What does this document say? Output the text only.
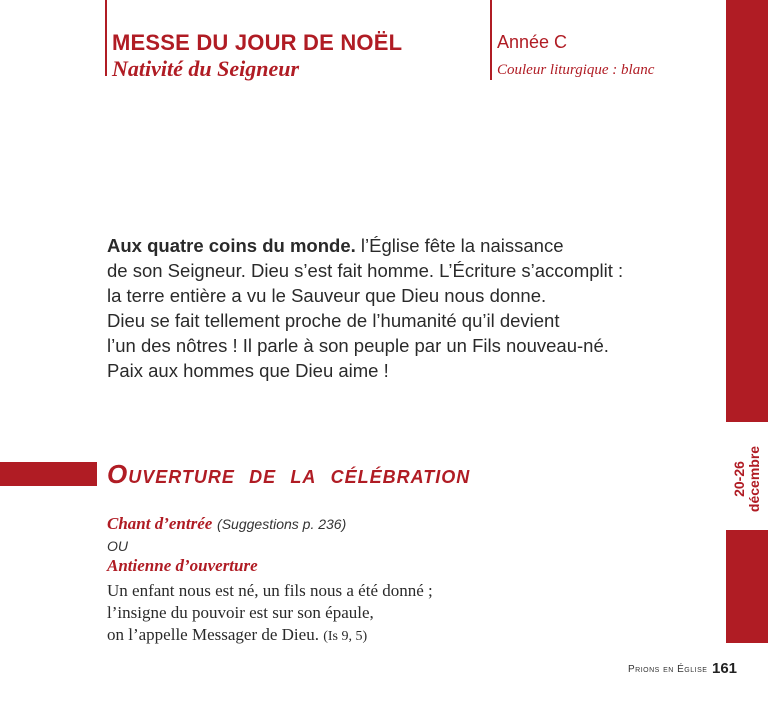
MESSE DU JOUR DE NOËL
Nativité du Seigneur
Année C
Couleur liturgique : blanc
Aux quatre coins du monde. l’Église fête la naissance
de son Seigneur. Dieu s’est fait homme. L’Écriture s’accomplit :
la terre entière a vu le Sauveur que Dieu nous donne.
Dieu se fait tellement proche de l’humanité qu’il devient
l’un des nôtres ! Il parle à son peuple par un Fils nouveau-né.
Paix aux hommes que Dieu aime !
20-26 décembre
Ouverture de la célébration
Chant d’entrée (Suggestions p. 236)
OU
Antienne d’ouverture
Un enfant nous est né, un fils nous a été donné ;
l’insigne du pouvoir est sur son épaule,
on l’appelle Messager de Dieu. (Is 9, 5)
Prions en Église 161
